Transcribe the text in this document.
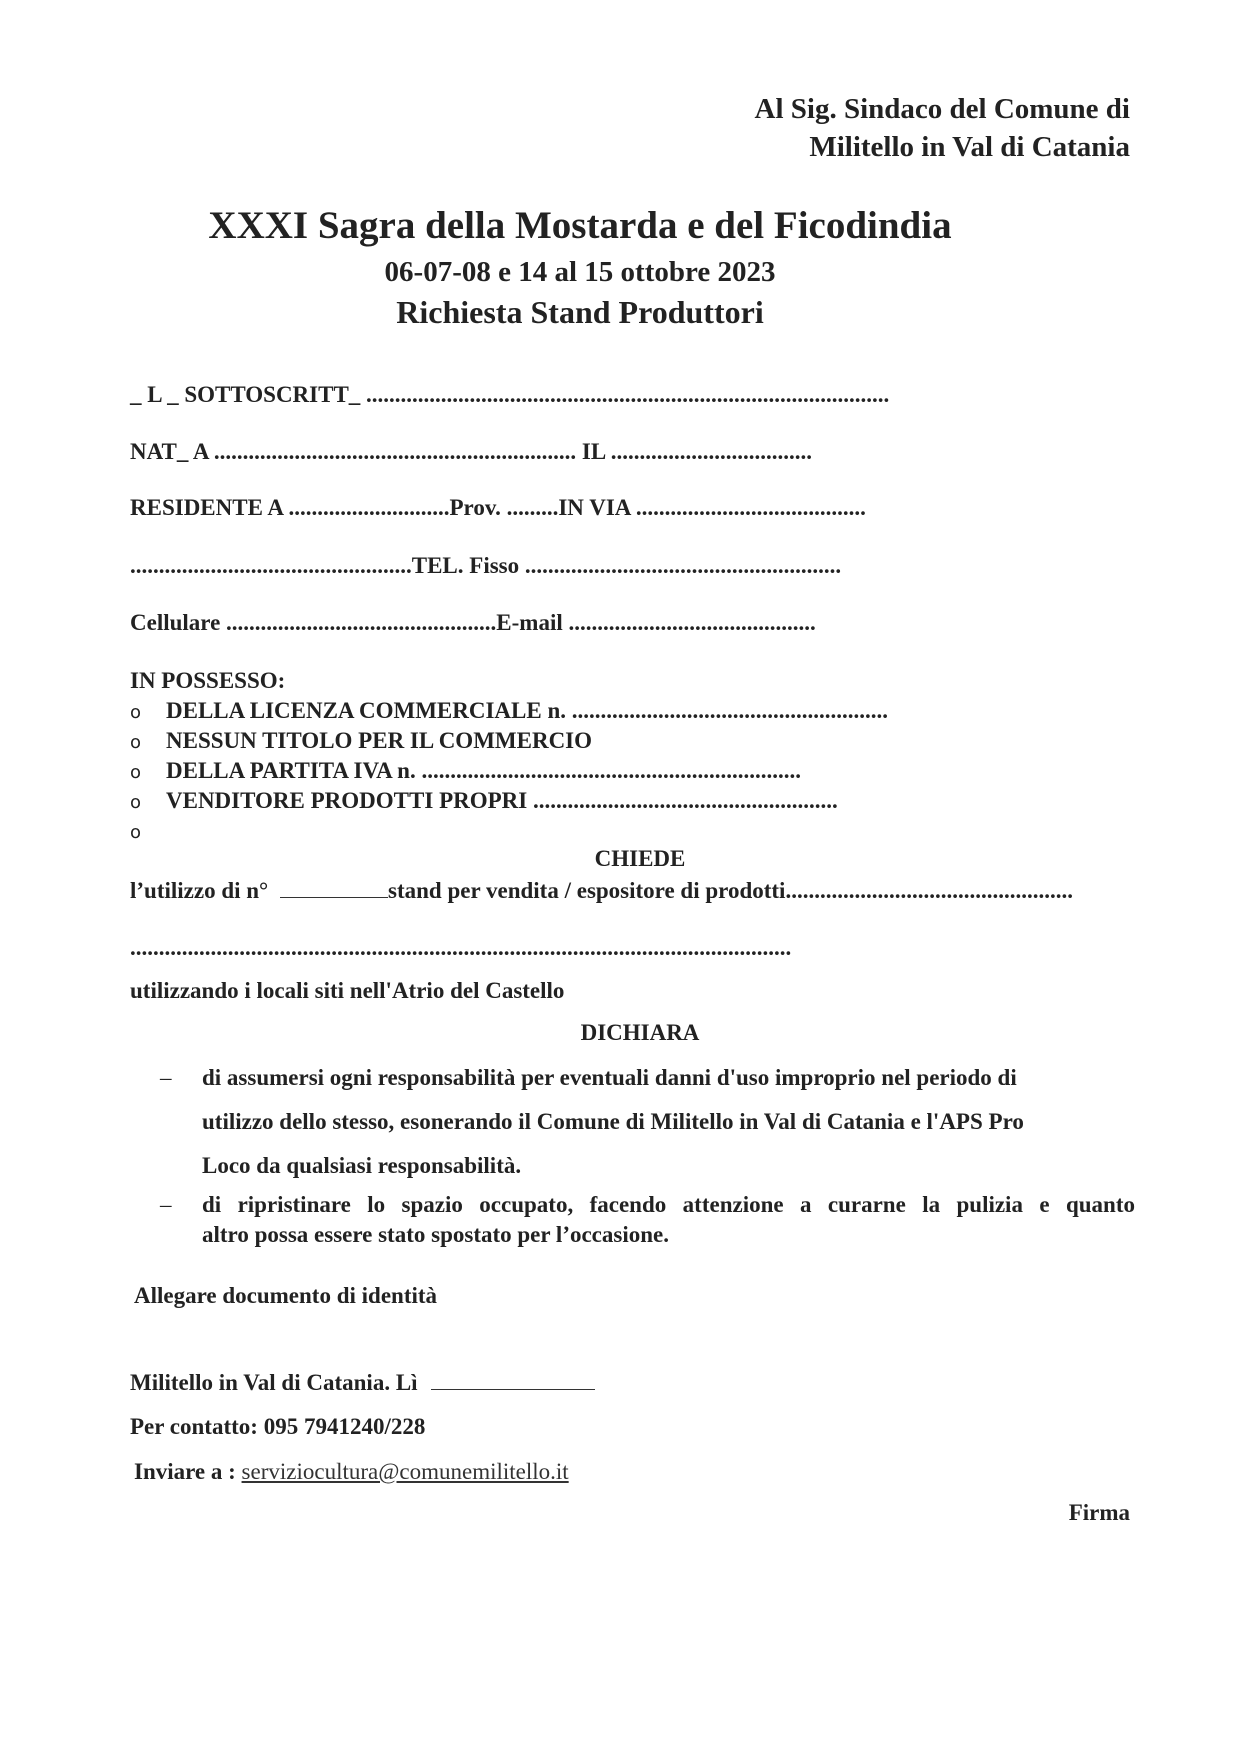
Al Sig. Sindaco del Comune di
Militello in Val di Catania
XXXI Sagra della Mostarda e del Ficodindia
06-07-08 e 14 al 15 ottobre 2023
Richiesta Stand Produttori
_ L _ SOTTOSCRITT_ ...........................................................................................
NAT_ A ............................................................... IL ...................................
RESIDENTE A ............................Prov. .........IN VIA ........................................
.................................................TEL. Fisso .......................................................
Cellulare ...............................................E-mail ...........................................
IN POSSESSO:
o DELLA LICENZA COMMERCIALE n. .......................................................
o NESSUN TITOLO PER IL COMMERCIO
o DELLA PARTITA IVA n. ..................................................................
o VENDITORE PRODOTTI PROPRI .....................................................
o
CHIEDE
l’utilizzo di n°	stand per vendita / espositore di prodotti..................................................
...................................................................................................................
utilizzando i locali siti nell'Atrio del Castello
DICHIARA
– di assumersi ogni responsabilità per eventuali danni d'uso improprio nel periodo di
utilizzo dello stesso, esonerando il Comune di Militello in Val di Catania e l'APS Pro
Loco da qualsiasi responsabilità.
– di ripristinare lo spazio occupato, facendo attenzione a curarne la pulizia e quanto
altro possa essere stato spostato per l’occasione.
Allegare documento di identità
Militello in Val di Catania. Lì
Per contatto: 095 7941240/228
Inviare a : serviziocultura@comunemilitello.it
Firma
